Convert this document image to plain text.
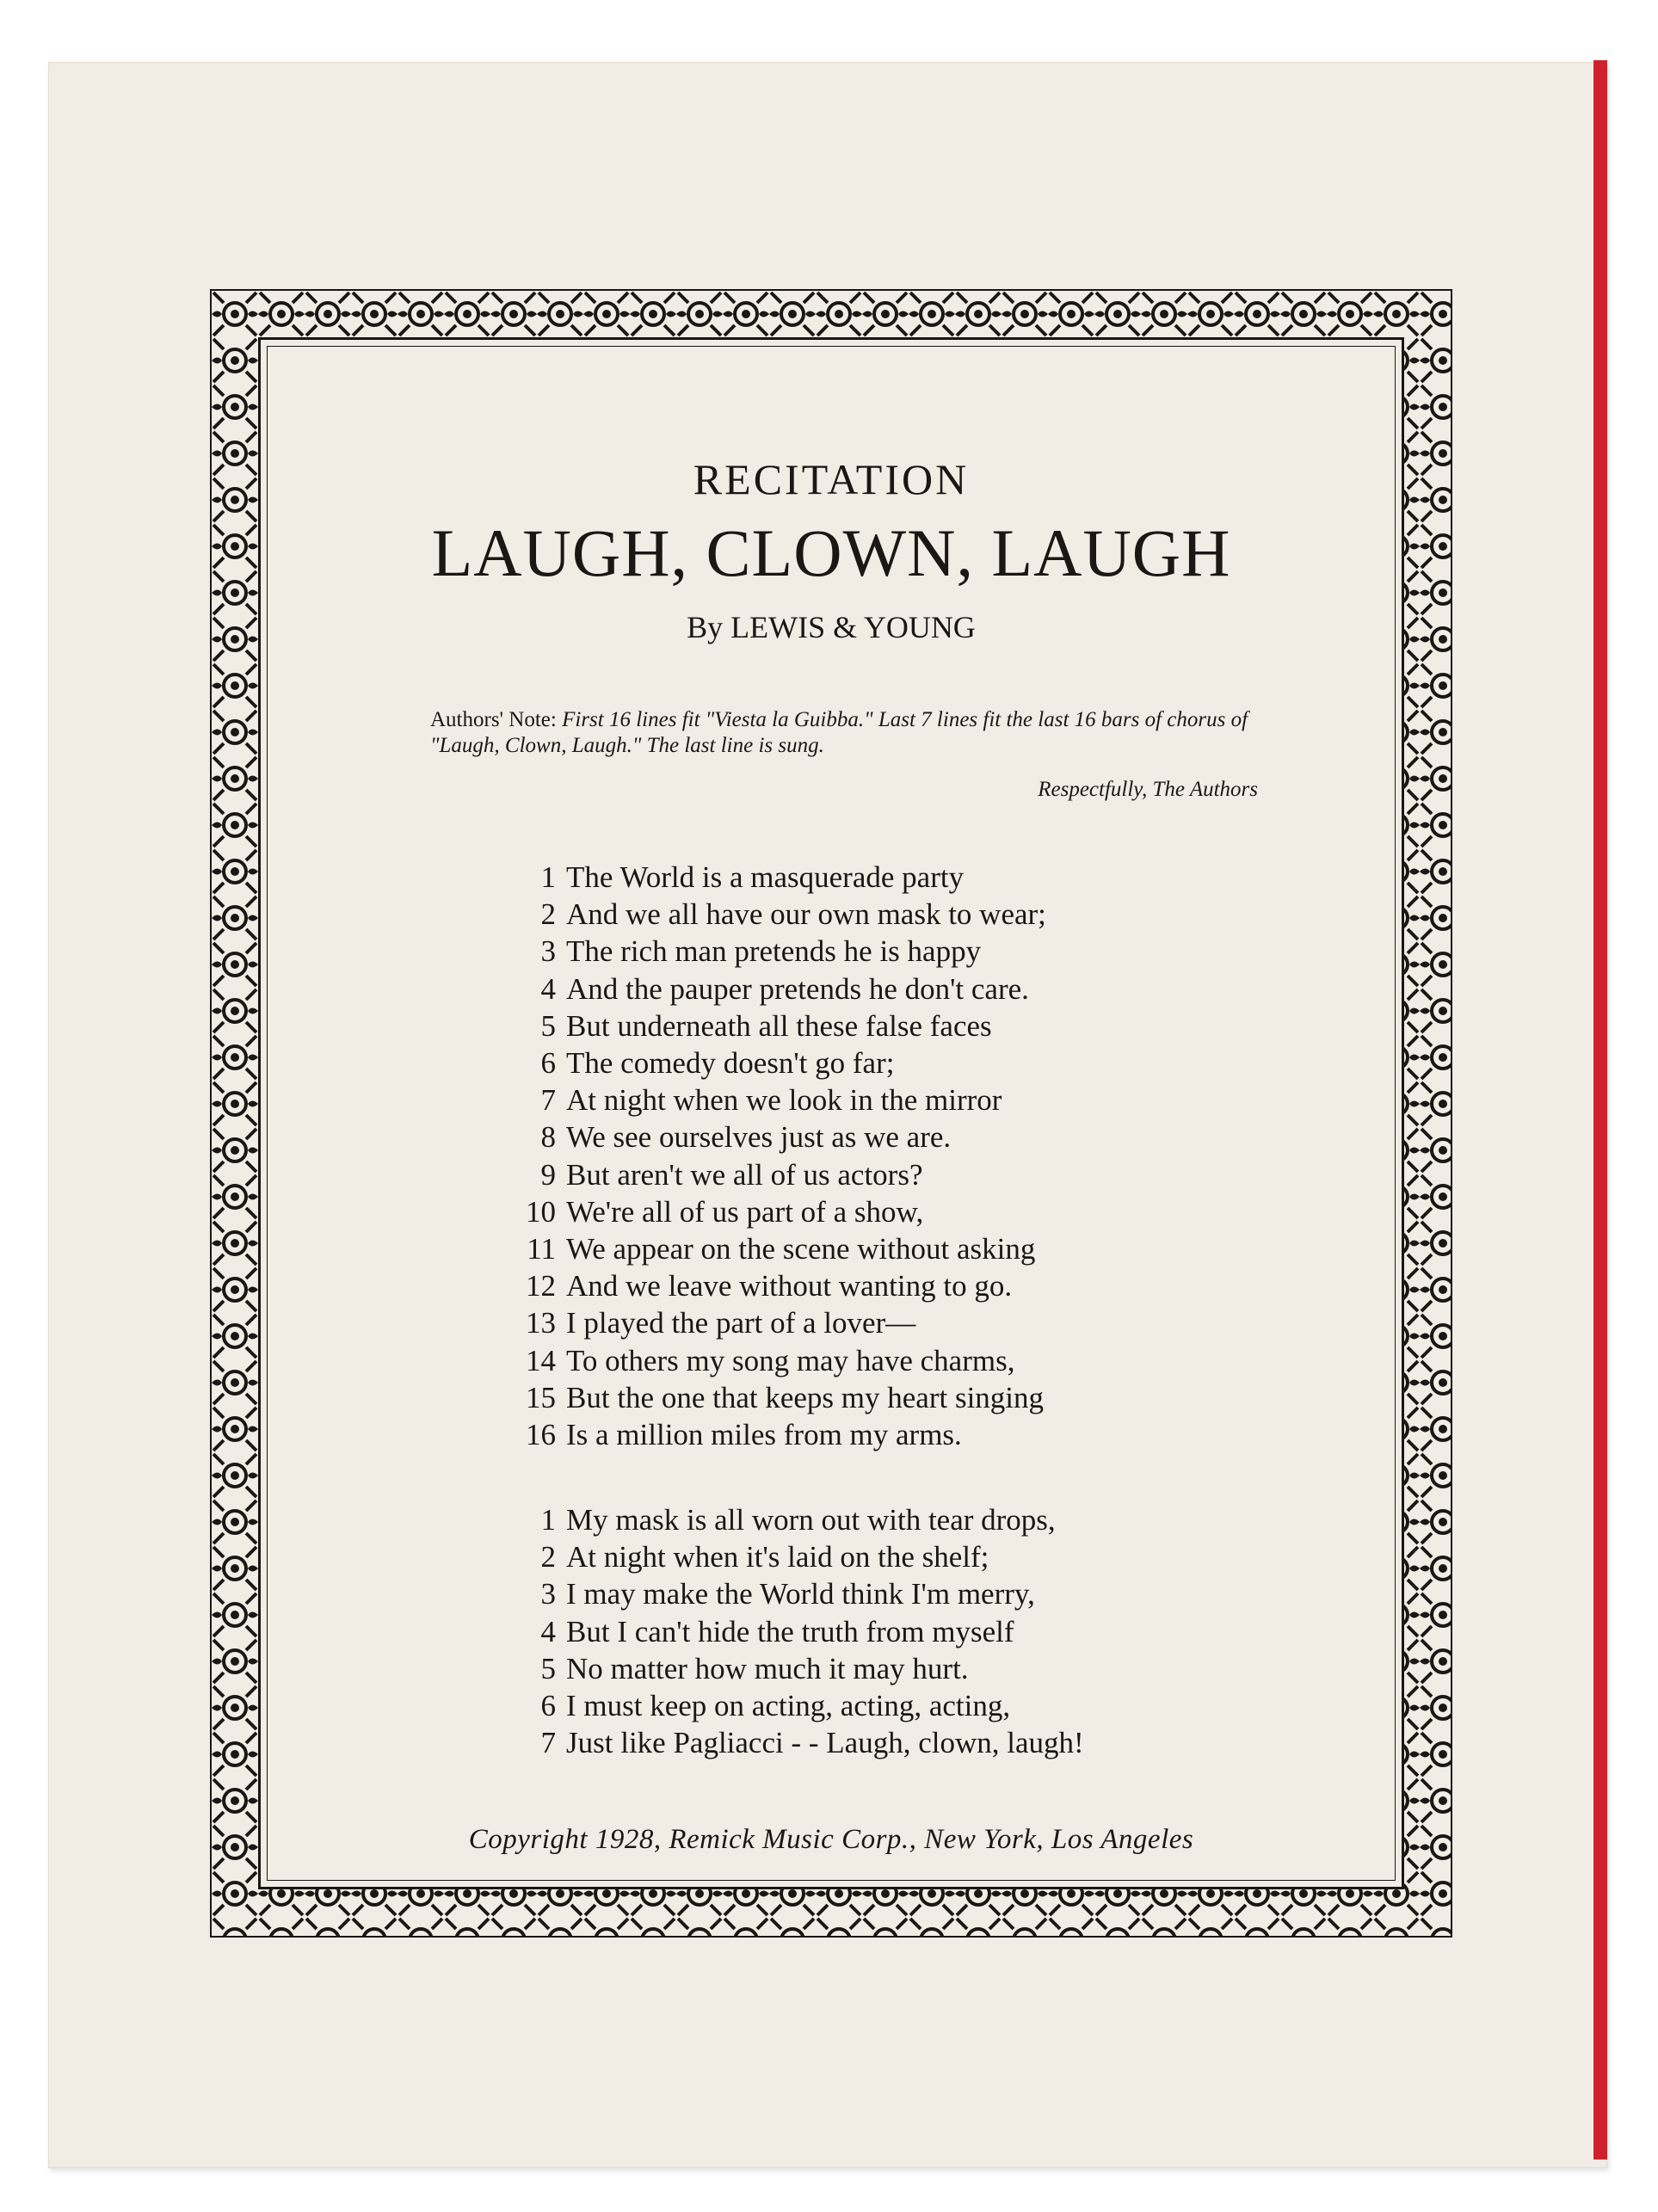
RECITATION
LAUGH, CLOWN, LAUGH
By LEWIS & YOUNG
Authors' Note: First 16 lines fit "Viesta la Guibba." Last 7 lines fit the last 16 bars of chorus of "Laugh, Clown, Laugh." The last line is sung.
Respectfully, The Authors
1 The World is a masquerade party
2 And we all have our own mask to wear;
3 The rich man pretends he is happy
4 And the pauper pretends he don't care.
5 But underneath all these false faces
6 The comedy doesn't go far;
7 At night when we look in the mirror
8 We see ourselves just as we are.
9 But aren't we all of us actors?
10 We're all of us part of a show,
11 We appear on the scene without asking
12 And we leave without wanting to go.
13 I played the part of a lover—
14 To others my song may have charms,
15 But the one that keeps my heart singing
16 Is a million miles from my arms.
1 My mask is all worn out with tear drops,
2 At night when it's laid on the shelf;
3 I may make the World think I'm merry,
4 But I can't hide the truth from myself
5 No matter how much it may hurt.
6 I must keep on acting, acting, acting,
7 Just like Pagliacci - - Laugh, clown, laugh!
Copyright 1928, Remick Music Corp., New York, Los Angeles
